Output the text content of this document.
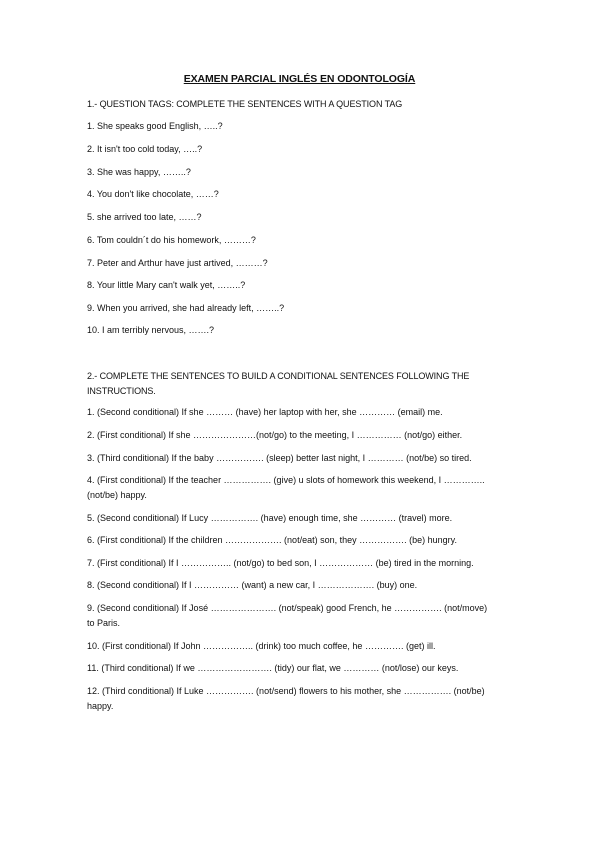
EXAMEN PARCIAL INGLÉS EN ODONTOLOGÍA
1.- QUESTION TAGS: COMPLETE THE SENTENCES WITH A QUESTION TAG
1. She speaks good English, …..?
2. It isn't too cold today, …..?
3. She was happy, ……..?
4. You don't like chocolate, ……?
5. she arrived too late, ……?
6. Tom couldn´t do his homework, ………?
7. Peter and Arthur have just artived, ………?
8. Your little Mary can't walk yet, ……..?
9. When you arrived, she had already left, ……..?
10. I am terribly nervous, …….?
2.- COMPLETE THE SENTENCES TO BUILD A CONDITIONAL SENTENCES FOLLOWING THE INSTRUCTIONS.
1. (Second conditional) If she ……… (have) her laptop with her, she ………… (email) me.
2. (First conditional) If she …………………(not/go) to the meeting, I …………… (not/go) either.
3. (Third conditional) If the baby ……………. (sleep) better last night, I ………… (not/be) so tired.
4. (First conditional) If the teacher ……………. (give) u slots of homework this weekend, I ………….. (not/be) happy.
5. (Second conditional) If Lucy ……………. (have) enough time, she ………… (travel) more.
6. (First conditional) If the children ………………. (not/eat) son, they ……………. (be) hungry.
7. (First conditional) If I …………….. (not/go) to bed son, I ……………… (be) tired in the morning.
8. (Second conditional) If I …………… (want) a new car, I ………………. (buy) one.
9. (Second conditional) If José …………………. (not/speak) good French, he ……………. (not/move) to Paris.
10. (First conditional) If John …………….. (drink) too much coffee, he …………. (get) ill.
11. (Third conditional) If we ……………………. (tidy) our flat, we ………… (not/lose) our keys.
12. (Third conditional) If Luke ……………. (not/send) flowers to his mother, she ……………. (not/be) happy.
